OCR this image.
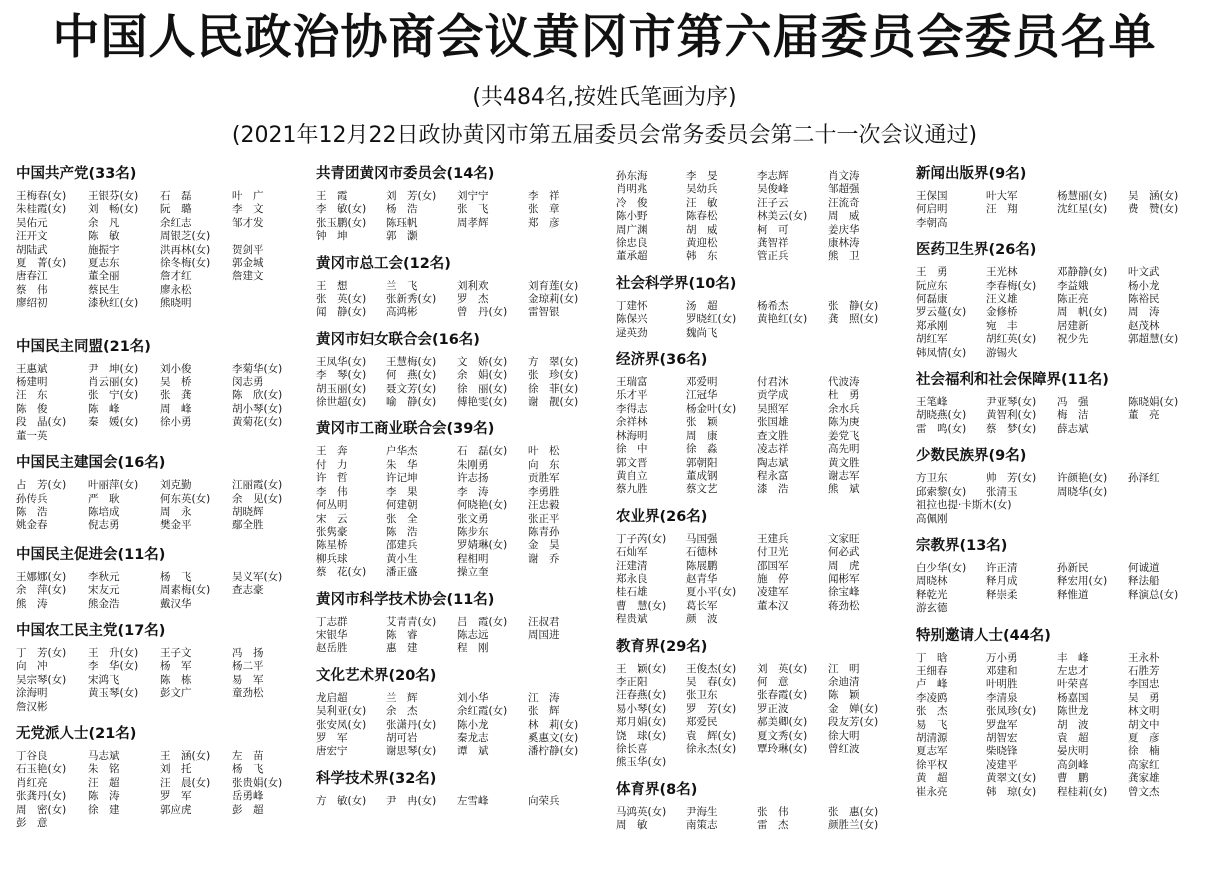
中国人民政治协商会议黄冈市第六届委员会委员名单
(共484名,按姓氏笔画为序)
(2021年12月22日政协黄冈市第五届委员会常务委员会第二十一次会议通过)
中国共产党(33名)
王梅春(女)	王银芬(女)	石　磊	叶　广
朱桂霞(女)	刘　畅(女)	阮　璐	李　文
吴佑元	余　凡	余红志	邹才发
汪开文	陈　敏	周银芝(女)
胡陆武	施振宇	洪再林(女)	贺剑平
夏　菁(女)	夏志东	徐冬梅(女)	郭金城
唐春江	董全丽	詹才红	詹建文
蔡　伟	蔡民生	廖永松
廖绍初	漆秋红(女)	熊晓明
中国民主同盟(21名)
王惠斌	尹　坤(女)	刘小俊	李菊华(女)
杨建明	肖云丽(女)	吴　桥	闵志勇
汪　东	张　宁(女)	张　龚	陈　欣(女)
陈　俊	陈　峰	周　峰	胡小琴(女)
段　晶(女)	秦　媛(女)	徐小勇	黄菊花(女)
董一英
中国民主建国会(16名)
占　芳(女)	叶丽萍(女)	刘克勤	江丽霞(女)
孙传兵	严　耿	何东英(女)	余　见(女)
陈　浩	陈培成	周　永	胡晓辉
姚金春	倪志勇	樊金平	鄢全胜
中国民主促进会(11名)
王娜娜(女)	李秋元	杨　飞	吴义军(女)
余　萍(女)	宋友元	周素梅(女)	查志豪
熊　涛	熊金浩	戴汉华
中国农工民主党(17名)
丁　芳(女)	王　升(女)	王子文	冯　扬
向　冲	李　华(女)	杨　军	杨二平
吴宗琴(女)	宋鸿飞	陈　栋	易　军
涂海明	黄玉琴(女)	彭文广	童劲松
詹汉彬
无党派人士(21名)
丁谷良	马志斌	王　涵(女)	左　苗
石玉艳(女)	朱　铭	刘　托	杨　飞
肖红亮	汪　超	汪　晨(女)	张贵娟(女)
张龚丹(女)	陈　涛	罗　军	岳勇峰
周　密(女)	徐　建	郭应虎	彭　超
彭　意
共青团黄冈市委员会(14名)
王　霞	刘　芳(女)	刘宁宁	李　祥
李　敏(女)	杨　浩	张　飞	张　章
张玉鹏(女)	陈珏帆	周孝辉	郑　彦
钟　坤	郭　灏
黄冈市总工会(12名)
王　想	兰　飞	刘利欢	刘育莲(女)
张　英(女)	张新秀(女)	罗　杰	金琼莉(女)
闻　静(女)	高鸿彬	曾　丹(女)	雷智银
黄冈市妇女联合会(16名)
王凤华(女)	王慧梅(女)	文　娇(女)	方　翠(女)
李　琴(女)	何　燕(女)	余　娟(女)	张　珍(女)
胡玉丽(女)	聂文芳(女)	徐　丽(女)	徐　菲(女)
徐世超(女)	喻　静(女)	傅艳雯(女)	谢　靓(女)
黄冈市工商业联合会(39名)
王　奔	户华杰	石　磊(女)	叶　松
付　力	朱　华	朱刚勇	向　东
许　哲	许记坤	许志扬	贡胜军
李　伟	李　果	李　涛	李勇胜
何丛明	何建朝	何晓艳(女)	汪忠毅
宋　云	张　全	张文勇	张正平
张隽豪	陈　浩	陈步东	陈青孙
陈星桥	邵建兵	罗婧琳(女)	金　昊
柳兵球	黄小生	程相明	谢　乔
蔡　花(女)	潘正盛	操立奎
黄冈市科学技术协会(11名)
丁志群	艾青青(女)	吕　霞(女)	汪叔君
宋银华	陈　睿	陈志远	周国进
赵岳胜	惠　建	程　刚
文化艺术界(20名)
龙启超	兰　辉	刘小华	江　涛
吴利亚(女)	余　杰	余红霞(女)	张　辉
张安凤(女)	张潇丹(女)	陈小龙	林　莉(女)
罗　军	胡可岩	秦龙志	奚惠文(女)
唐宏宁	谢思琴(女)	谭　斌	潘柠静(女)
科学技术界(32名)
方　敏(女)	尹　冉(女)	左雪峰	向荣兵
孙东海	李　旻	李志辉	肖文涛
肖明兆	吴幼兵	吴俊峰	邹超强
冷　俊	汪　敏	汪子云	汪流奇
陈小野	陈春松	林美云(女)	周　威
周广渊	胡　威	柯　可	姜庆华
徐忠良	黄迎松	龚智祥	康林涛
董承超	韩　东	管正兵	熊　卫
社会科学界(10名)
丁建怀	汤　超	杨希杰	张　静(女)
陈保兴	罗晓红(女)	黄艳红(女)	龚　照(女)
逯英劲	魏尚飞
经济界(36名)
王瑞富	邓爱明	付君沐	代波涛
乐才平	江冠华	贡学成	杜　勇
李得志	杨金叶(女)	吴照军	余水兵
余祥林	张　颖	张国雄	陈为庚
林海明	周　康	查文胜	姜党飞
徐　中	徐　淼	凌志祥	高先明
郭文晋	郭朝阳	陶志斌	黄文胜
黄自立	董成钢	程永富	谢志军
蔡九胜	蔡文艺	漆　浩	熊　斌
农业界(26名)
丁子芮(女)	马国强	王建兵	文家旺
石灿军	石德林	付卫光	何必武
汪建清	陈展鹏	邵国军	周　虎
郑永良	赵青华	施　停	闻彬军
桂石雄	夏小平(女)	凌建军	徐宝峰
曹　慧(女)	葛长军	董本汉	蒋劲松
程贵斌	颜　波
教育界(29名)
王　颖(女)	王俊杰(女)	刘　英(女)	江　明
李正阳	吴　春(女)	何　意	余迪清
汪春燕(女)	张卫东	张春霞(女)	陈　颖
易小琴(女)	罗　芳(女)	罗正波	金　婵(女)
郑月娟(女)	郑爱民	郝美卿(女)	段友芳(女)
饶　球(女)	袁　辉(女)	夏文秀(女)	徐大明
徐长喜	徐永杰(女)	覃玲琳(女)	曾红波
熊玉华(女)
体育界(8名)
马鸿英(女)	尹海生	张　伟	张　惠(女)
周　敏	南策志	雷　杰	颜胜兰(女)
新闻出版界(9名)
王保国	叶大军	杨慧丽(女)	吴　涵(女)
何启明	汪　翔	沈红星(女)	费　赞(女)
李朝高
医药卫生界(26名)
王　勇	王光林	邓静静(女)	叶文武
阮应东	李春梅(女)	李益娥	杨小龙
何磊康	汪义雄	陈正亮	陈裕民
罗云蔓(女)	金修桥	周　帆(女)	周　涛
郑承刚	宛　丰	居建新	赵茂林
胡红军	胡红英(女)	祝少先	郭超慧(女)
韩凤情(女)	游锡火
社会福利和社会保障界(11名)
王笔峰	尹亚琴(女)	冯　强	陈晓娟(女)
胡晓燕(女)	黄智利(女)	梅　洁	董　亮
雷　鸣(女)	蔡　梦(女)	薛志斌
少数民族界(9名)
方卫东	帅　芳(女)	许颜艳(女)	孙泽红
邱索黎(女)	张清玉	周晓华(女)
祖拉也提·卡斯木(女)
高佩刚
宗教界(13名)
白少华(女)	许正清	孙新民	何诚道
周晓林	释月成	释宏用(女)	释法船
释乾光	释崇柔	释惟道	释演总(女)
游玄德
特别邀请人士(44名)
丁　晗	万小勇	丰　峰	王永朴
王细春	邓建和	左忠才	石胜芳
卢　峰	叶明胜	叶荣喜	李国忠
李凌鸥	李清泉	杨嘉国	吴　勇
张　杰	张凤珍(女)	陈世龙	林文明
易　飞	罗盘军	胡　波	胡文中
胡清源	胡智宏	袁　超	夏　彦
夏志军	柴晓锋	晏庆明	徐　楠
徐平权	凌建平	高剑峰	高家红
黄　超	黄翠文(女)	曹　鹏	龚家雄
崔永亮	韩　琼(女)	程桂莉(女)	曾文杰
